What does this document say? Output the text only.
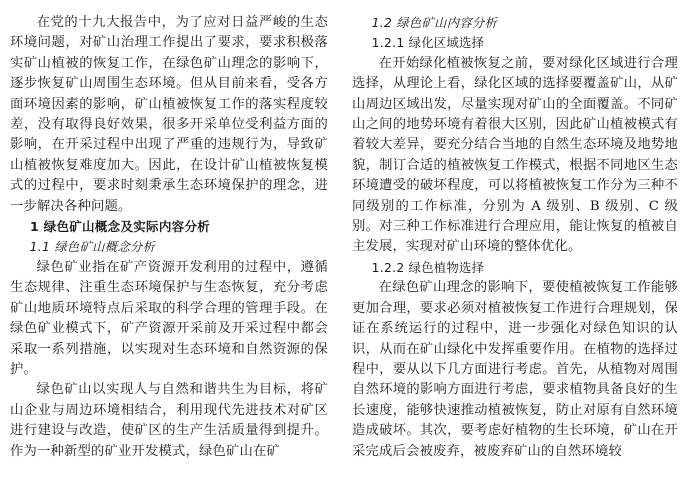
在党的十九大报告中，为了应对日益严峻的生态环境问题，对矿山治理工作提出了要求，要求积极落实矿山植被的恢复工作，在绿色矿山理念的影响下，逐步恢复矿山周围生态环境。但从目前来看，受各方面环境因素的影响，矿山植被恢复工作的落实程度较差，没有取得良好效果，很多开采单位受利益方面的影响，在开采过程中出现了严重的违规行为，导致矿山植被恢复难度加大。因此，在设计矿山植被恢复模式的过程中，要求时刻秉承生态环境保护的理念，进一步解决各种问题。

1 绿色矿山概念及实际内容分析

1.1 绿色矿山概念分析

绿色矿业指在矿产资源开发利用的过程中，遵循生态规律、注重生态环境保护与生态恢复，充分考虑矿山地质环境特点后采取的科学合理的管理手段。在绿色矿业模式下，矿产资源开采前及开采过程中都会采取一系列措施，以实现对生态环境和自然资源的保护。

绿色矿山以实现人与自然和谐共生为目标，将矿山企业与周边环境相结合，利用现代先进技术对矿区进行建设与改造，使矿区的生产生活质量得到提升。作为一种新型的矿业开发模式，绿色矿山在矿

1.2 绿色矿山内容分析

1.2.1 绿化区域选择

在开始绿化植被恢复之前，要对绿化区域进行合理选择，从理论上看，绿化区域的选择要覆盖矿山，从矿山周边区域出发，尽量实现对矿山的全面覆盖。不同矿山之间的地势环境有着很大区别，因此矿山植被模式有着较大差异，要充分结合当地的自然生态环境及地势地貌，制订合适的植被恢复工作模式，根据不同地区生态环境遭受的破坏程度，可以将植被恢复工作分为三种不同级别的工作标准，分别为 A 级别、B 级别、C 级别。对三种工作标准进行合理应用，能让恢复的植被自主发展，实现对矿山环境的整体优化。

1.2.2 绿色植物选择

在绿色矿山理念的影响下，要使植被恢复工作能够更加合理，要求必须对植被恢复工作进行合理规划，保证在系统运行的过程中，进一步强化对绿色知识的认识，从而在矿山绿化中发挥重要作用。在植物的选择过程中，要从以下几方面进行考虑。首先，从植物对周围自然环境的影响方面进行考虑，要求植物具备良好的生长速度，能够快速推动植被恢复，防止对原有自然环境造成破坏。其次，要考虑好植物的生长环境，矿山在开采完成后会被废弃，被废弃矿山的自然环境较
